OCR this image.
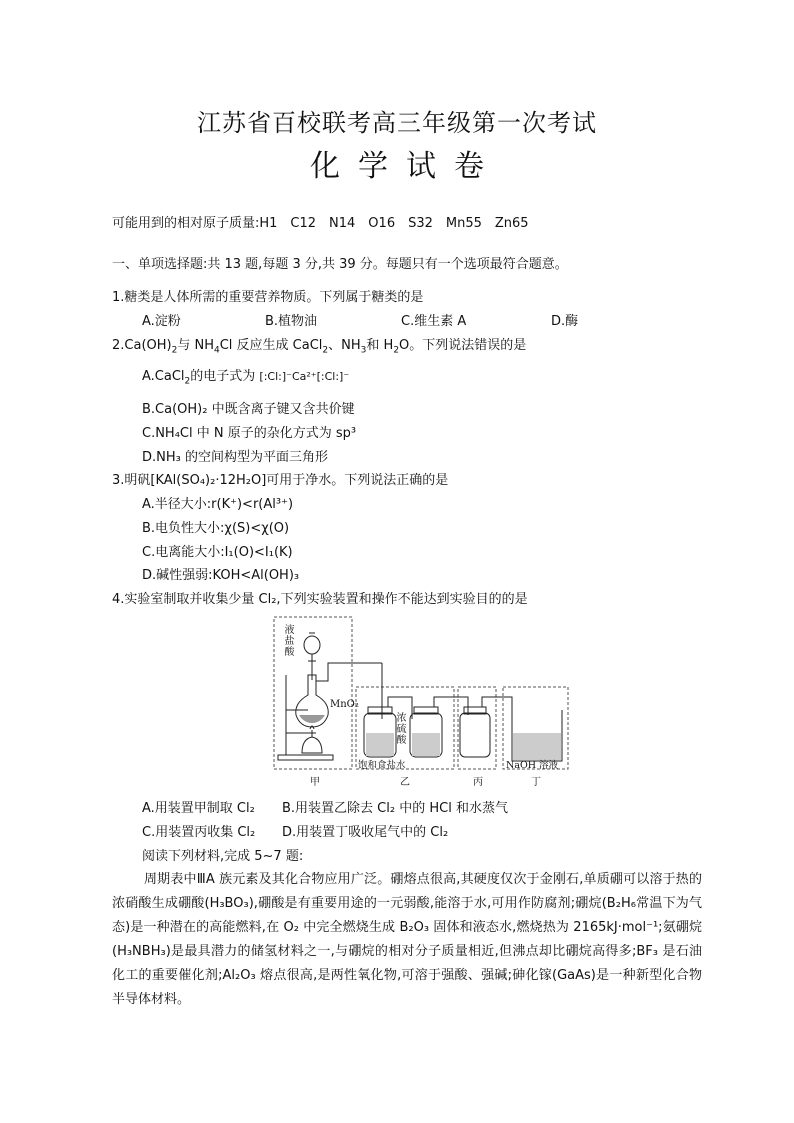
江苏省百校联考高三年级第一次考试
化学试卷
可能用到的相对原子质量:H1　C12　N14　O16　S32　Mn55　Zn65
一、单项选择题:共 13 题,每题 3 分,共 39 分。每题只有一个选项最符合题意。
1.糖类是人体所需的重要营养物质。下列属于糖类的是
A.淀粉	B.植物油	C.维生素 A	D.酶
$2.Ca(OH)_2$与 $NH_4Cl$ 反应生成 CaCl$_2$、$NH_3$和 $H_2O$。下列说法错误的是
A.CaCl$_2$的电子式为 [:Cl:]⁻Ca²⁺[:Cl:]⁻
B.Ca(OH)₂ 中既含离子键又含共价键
C.NH₄Cl 中 N 原子的杂化方式为 sp³
D.NH₃ 的空间构型为平面三角形
3.明矾[KAl(SO₄)₂·12H₂O]可用于净水。下列说法正确的是
A.半径大小:r(K⁺)<r(Al³⁺)
B.电负性大小:χ(S)<χ(O)
C.电离能大小:I₁(O)<I₁(K)
D.碱性强弱:KOH<Al(OH)₃
4.实验室制取并收集少量 Cl₂,下列实验装置和操作不能达到实验目的的是
液盐酸
MnO₂
浓硫酸
饱和食盐水	NaOH 溶液
甲	乙	丙	丁
A.用装置甲制取 Cl₂ B.用装置乙除去 Cl₂ 中的 HCl 和水蒸气
C.用装置丙收集 Cl₂ D.用装置丁吸收尾气中的 Cl₂
阅读下列材料,完成 5~7 题:
周期表中ⅢA 族元素及其化合物应用广泛。硼熔点很高,其硬度仅次于金刚石,单质硼可以溶于热的浓硝酸生成硼酸(H₃BO₃),硼酸是有重要用途的一元弱酸,能溶于水,可用作防腐剂;硼烷(B₂H₆常温下为气态)是一种潜在的高能燃料,在 O₂ 中完全燃烧生成 B₂O₃ 固体和液态水,燃烧热为 2165kJ·mol⁻¹;氨硼烷(H₃NBH₃)是最具潜力的储氢材料之一,与硼烷的相对分子质量相近,但沸点却比硼烷高得多;BF₃ 是石油化工的重要催化剂;Al₂O₃ 熔点很高,是两性氧化物,可溶于强酸、强碱;砷化镓(GaAs)是一种新型化合物半导体材料。
